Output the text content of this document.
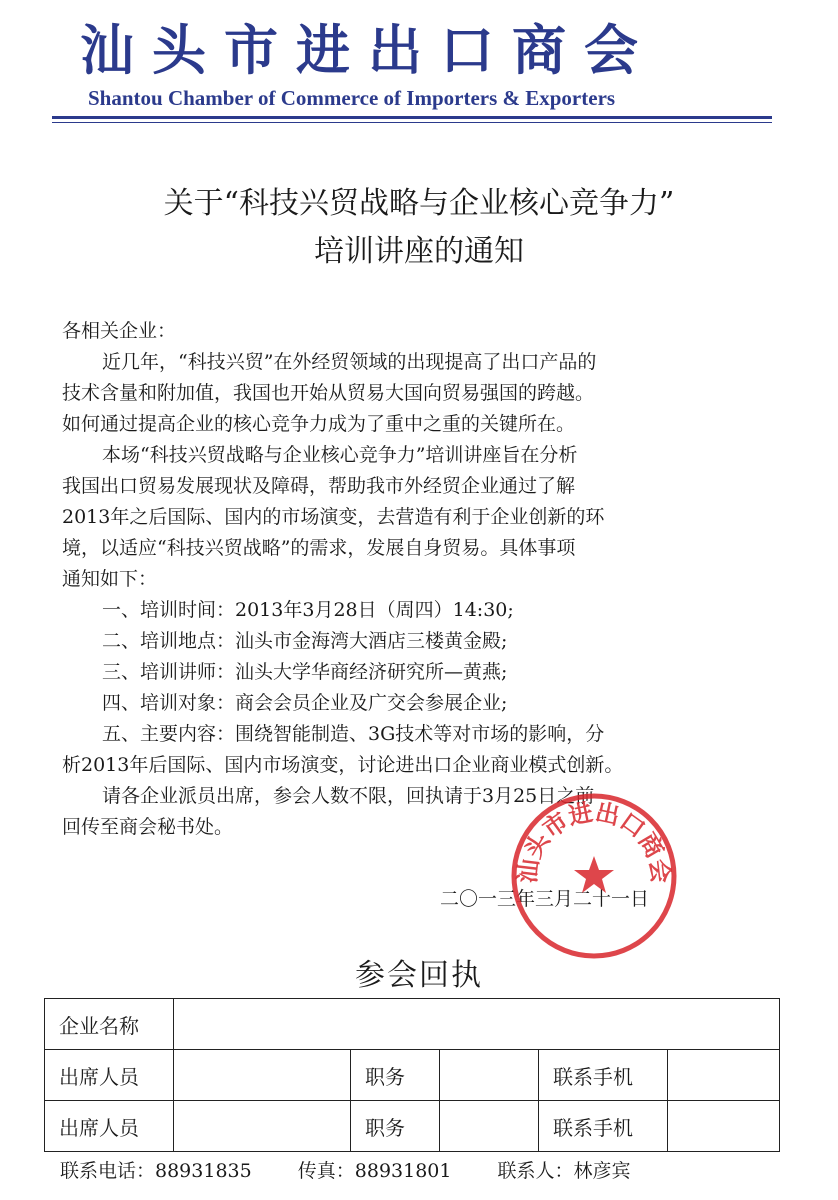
汕头市进出口商会
Shantou Chamber of Commerce of Importers & Exporters
关于“科技兴贸战略与企业核心竞争力”
培训讲座的通知

各相关企业：

近几年，“科技兴贸”在外经贸领域的出现提高了出口产品的

技术含量和附加值，我国也开始从贸易大国向贸易强国的跨越。

如何通过提高企业的核心竞争力成为了重中之重的关键所在。

本场“科技兴贸战略与企业核心竞争力”培训讲座旨在分析

我国出口贸易发展现状及障碍，帮助我市外经贸企业通过了解

2013年之后国际、国内的市场演变，去营造有利于企业创新的环

境，以适应“科技兴贸战略”的需求，发展自身贸易。具体事项

通知如下：

一、培训时间：2013年3月28日（周四）14:30;

二、培训地点：汕头市金海湾大酒店三楼黄金殿;

三、培训讲师：汕头大学华商经济研究所—黄燕;

四、培训对象：商会会员企业及广交会参展企业;

五、主要内容：围绕智能制造、3G技术等对市场的影响，分

析2013年后国际、国内市场演变，讨论进出口企业商业模式创新。

请各企业派员出席，参会人数不限，回执请于3月25日之前

回传至商会秘书处。

二〇一三年三月二十一日
汕头市进出口商会
参会回执
企业名称					
出席人员		职务		联系手机	
出席人员		职务		联系手机	
联系电话：88931835 传真：88931801 联系人：林彦宾
